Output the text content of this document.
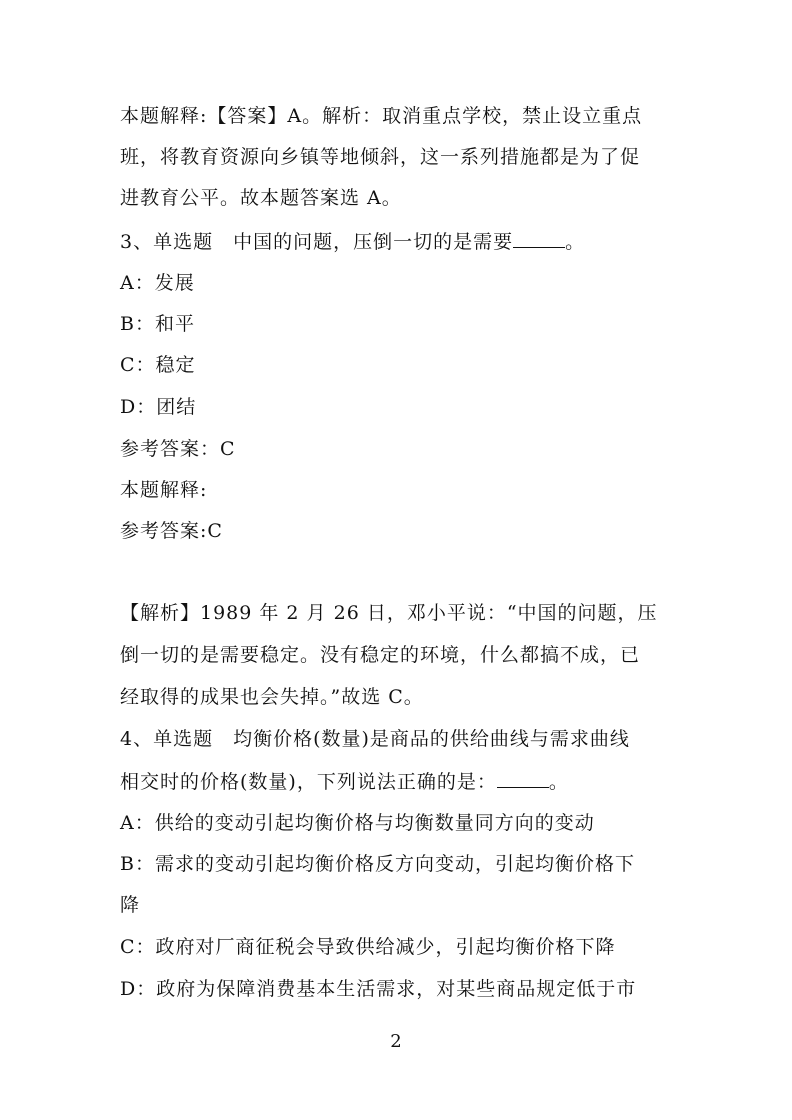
本题解释:【答案】A。解析：取消重点学校，禁止设立重点
班，将教育资源向乡镇等地倾斜，这一系列措施都是为了促
进教育公平。故本题答案选 A。
3、单选题　中国的问题，压倒一切的是需要	。
A：发展
B：和平
C：稳定
D：团结
参考答案：C
本题解释:
参考答案:C
【解析】1989 年 2 月 26 日，邓小平说：“中国的问题，压
倒一切的是需要稳定。没有稳定的环境，什么都搞不成，已
经取得的成果也会失掉。”故选 C。
4、单选题　均衡价格(数量)是商品的供给曲线与需求曲线
相交时的价格(数量)，下列说法正确的是：	。
A：供给的变动引起均衡价格与均衡数量同方向的变动
B：需求的变动引起均衡价格反方向变动，引起均衡价格下
降
C：政府对厂商征税会导致供给减少，引起均衡价格下降
D：政府为保障消费基本生活需求，对某些商品规定低于市
2
